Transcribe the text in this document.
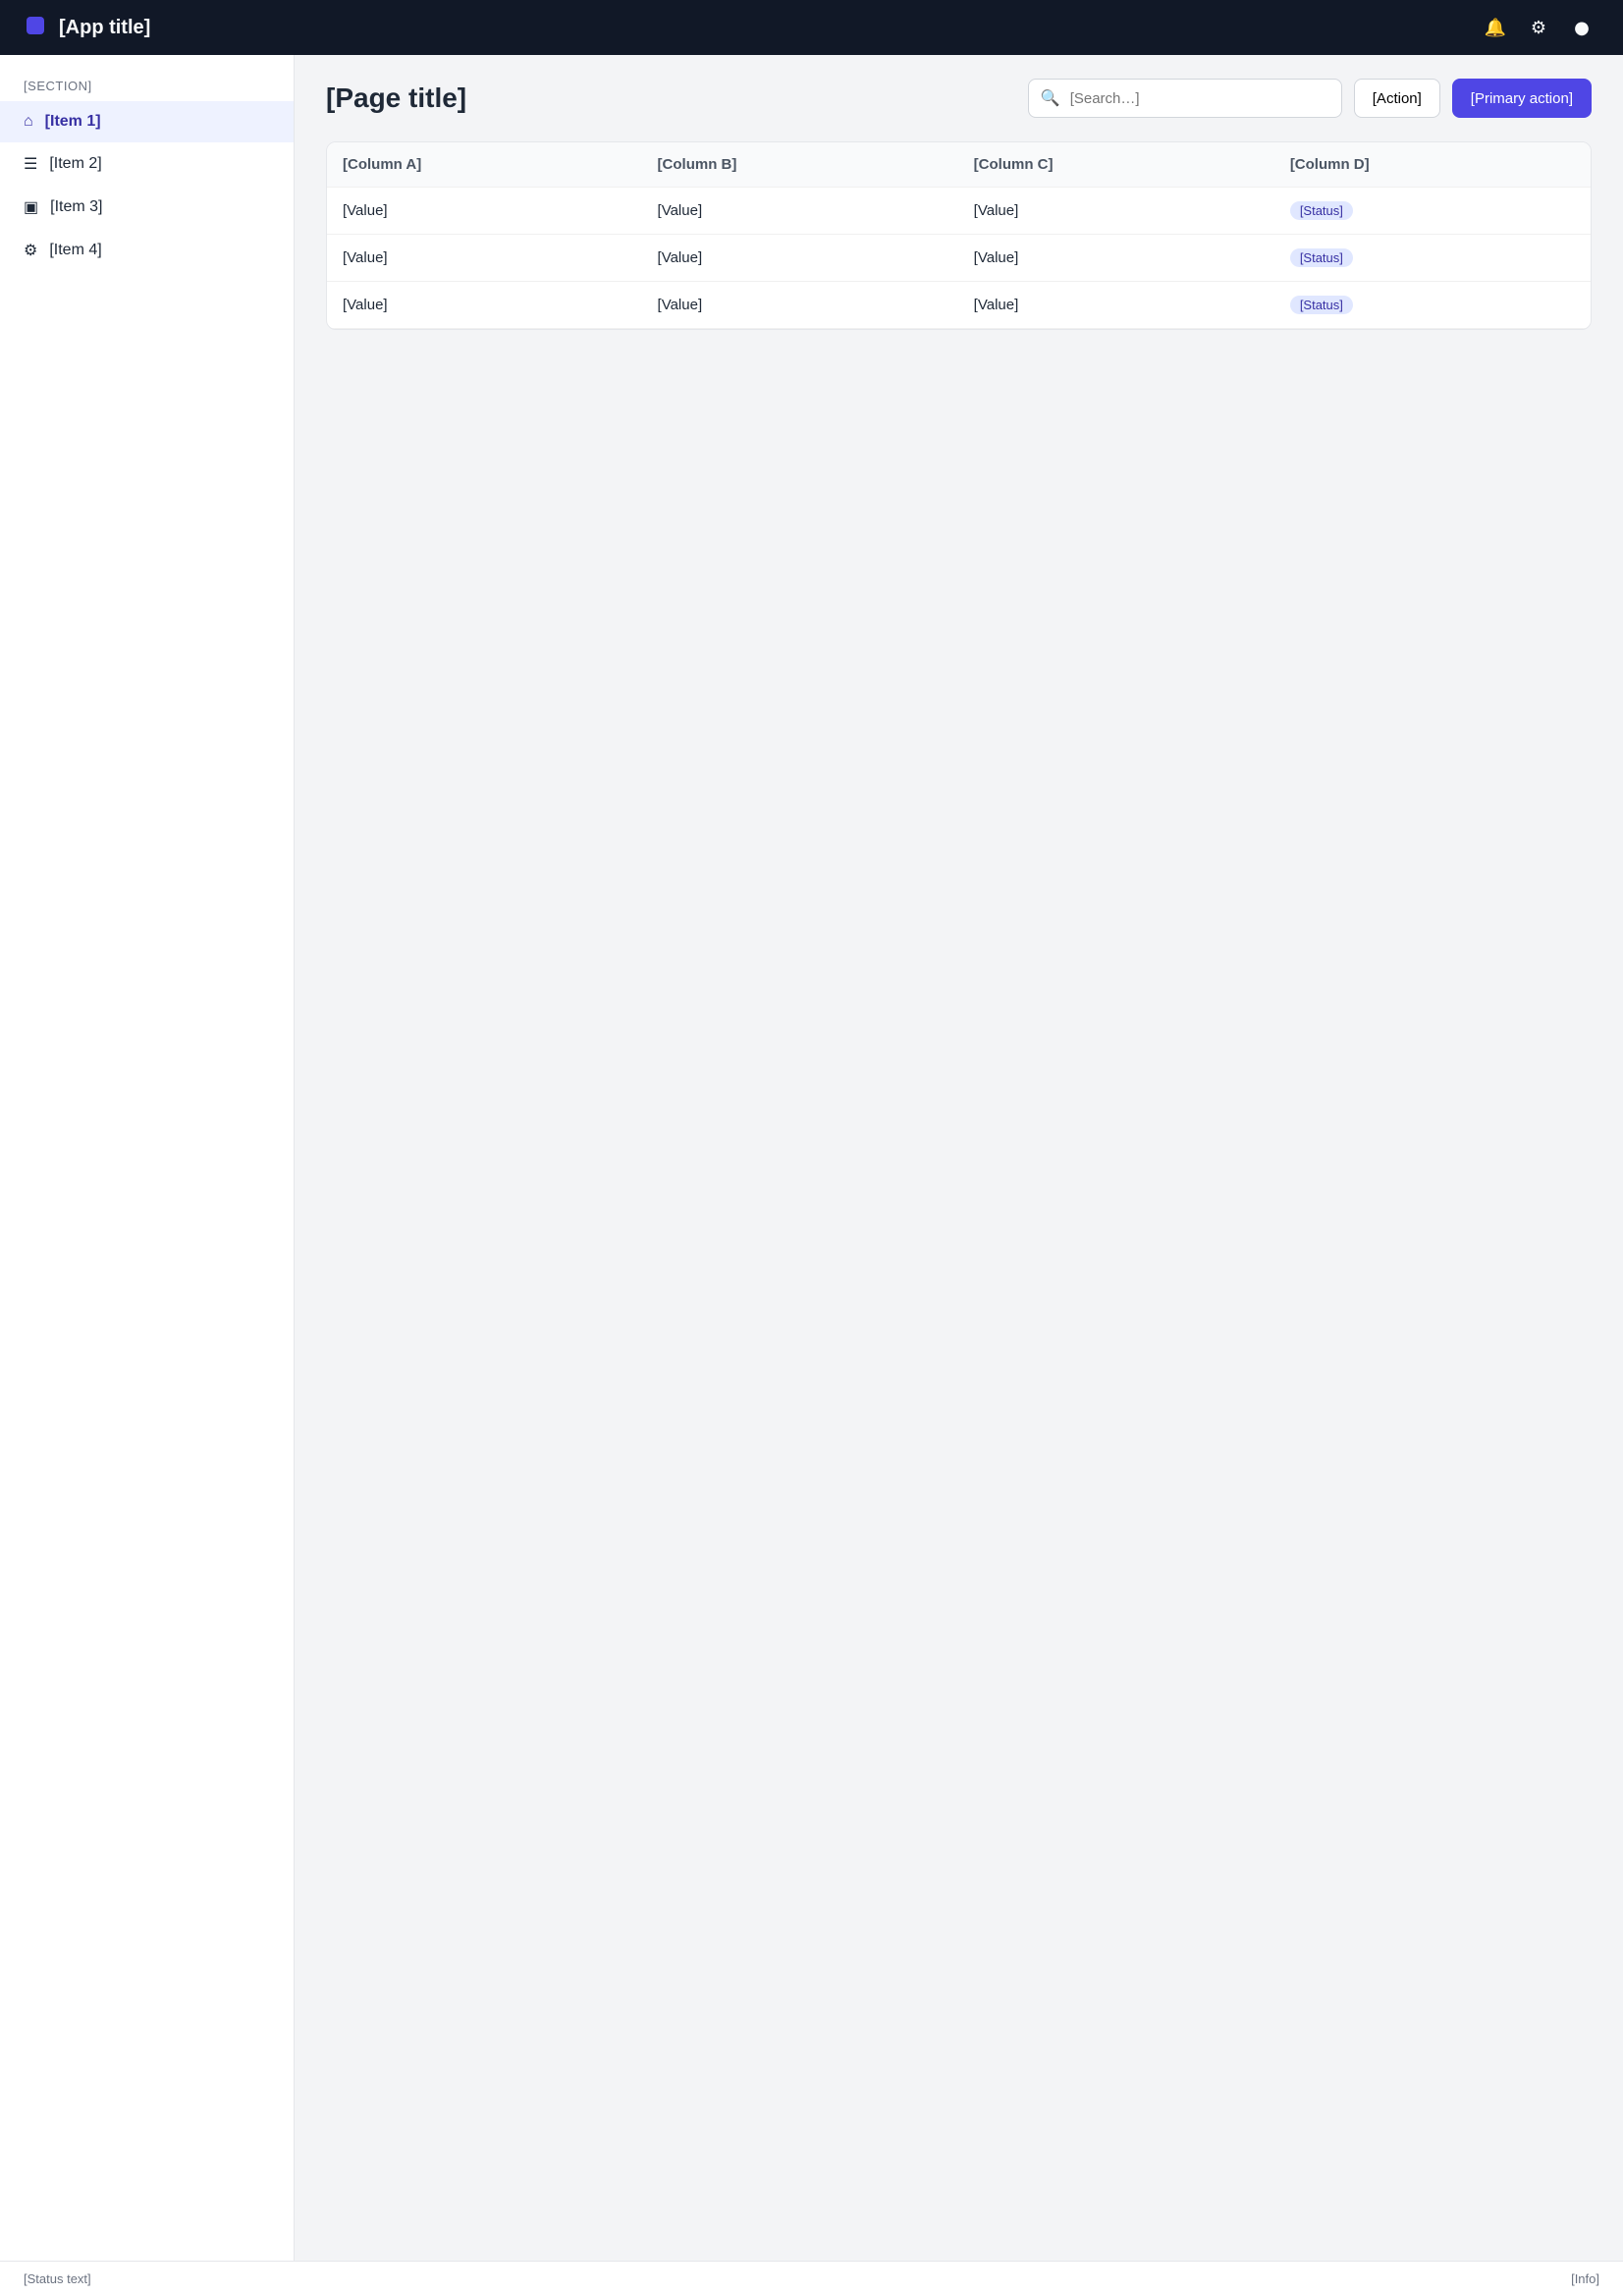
[App title]	🔔	⚙	●
[SECTION]
⌂ [Item 1]
☰ [Item 2]
▣ [Item 3]
⚙ [Item 4]
[Page title]	🔍
[Search…]	[Action]	[Primary action]
[Column A]	[Column B]	[Column C]	[Column D]
[Value]	[Value]	[Value]	[Status]
[Value]	[Value]	[Value]	[Status]
[Value]	[Value]	[Value]	[Status]
[Status text]	[Info]
